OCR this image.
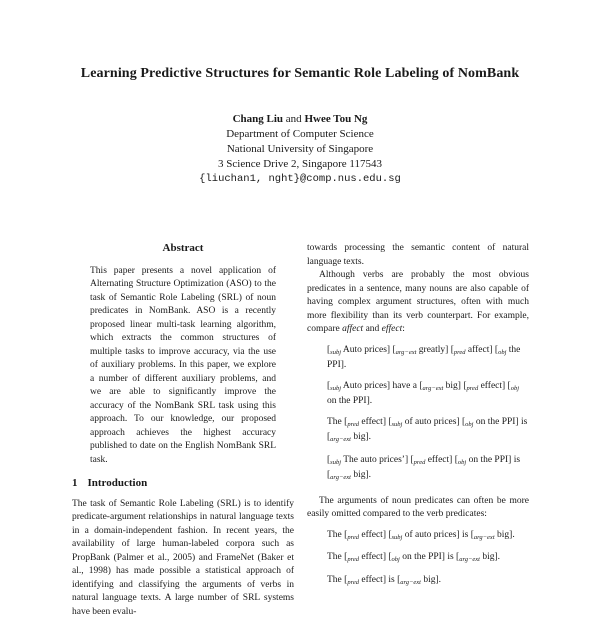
Learning Predictive Structures for Semantic Role Labeling of NomBank
Chang Liu and Hwee Tou Ng
Department of Computer Science
National University of Singapore
3 Science Drive 2, Singapore 117543
{liuchan1, nght}@comp.nus.edu.sg
Abstract

This paper presents a novel application of Alternating Structure Optimization (ASO) to the task of Semantic Role Labeling (SRL) of noun predicates in NomBank. ASO is a recently proposed linear multi-task learning algorithm, which extracts the common structures of multiple tasks to improve accuracy, via the use of auxiliary problems. In this paper, we explore a number of different auxiliary problems, and we are able to significantly improve the accuracy of the NomBank SRL task using this approach. To our knowledge, our proposed approach achieves the highest accuracy published to date on the English NomBank SRL task.

1 Introduction

The task of Semantic Role Labeling (SRL) is to identify predicate-argument relationships in natural language texts in a domain-independent fashion. In recent years, the availability of large human-labeled corpora such as PropBank (Palmer et al., 2005) and FrameNet (Baker et al., 1998) has made possible a statistical approach of identifying and classifying the arguments of verbs in natural language texts. A large number of SRL systems have been evalu-

towards processing the semantic content of natural language texts.

Although verbs are probably the most obvious predicates in a sentence, many nouns are also capable of having complex argument structures, often with much more flexibility than its verb counterpart. For example, compare affect and effect:

[$_{subj}$ Auto prices] [$_{arg-ext}$ greatly] [$_{pred}$ affect] [$_{obj}$ the PPI].

[$_{subj}$ Auto prices] have a [$_{arg-ext}$ big] [$_{pred}$ effect] [$_{obj}$ on the PPI].

The [$_{pred}$ effect] [$_{subj}$ of auto prices] [$_{obj}$ on the PPI] is [$_{arg-ext}$ big].

[$_{subj}$ The auto prices’] [$_{pred}$ effect] [$_{obj}$ on the PPI] is [$_{arg-ext}$ big].

The arguments of noun predicates can often be more easily omitted compared to the verb predicates:

The [$_{pred}$ effect] [$_{subj}$ of auto prices] is [$_{arg-ext}$ big].

The [$_{pred}$ effect] [$_{obj}$ on the PPI] is [$_{arg-ext}$ big].

The [$_{pred}$ effect] is [$_{arg-ext}$ big].
